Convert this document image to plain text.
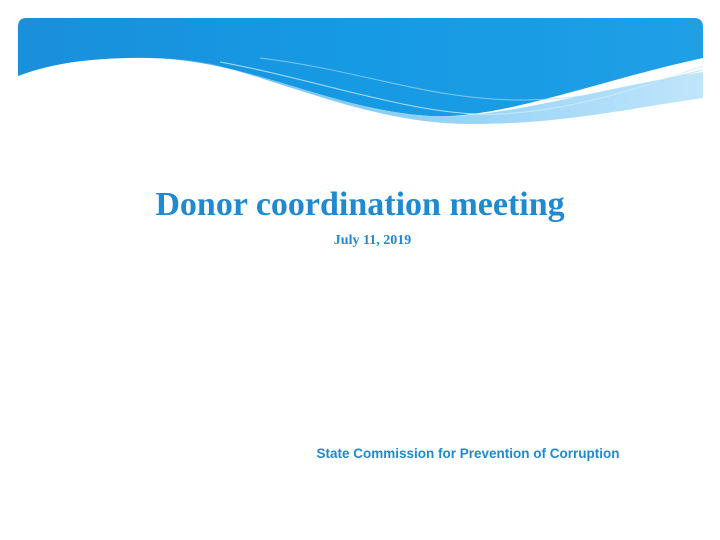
Donor coordination meeting
July 11, 2019
State Commission for Prevention of Corruption
